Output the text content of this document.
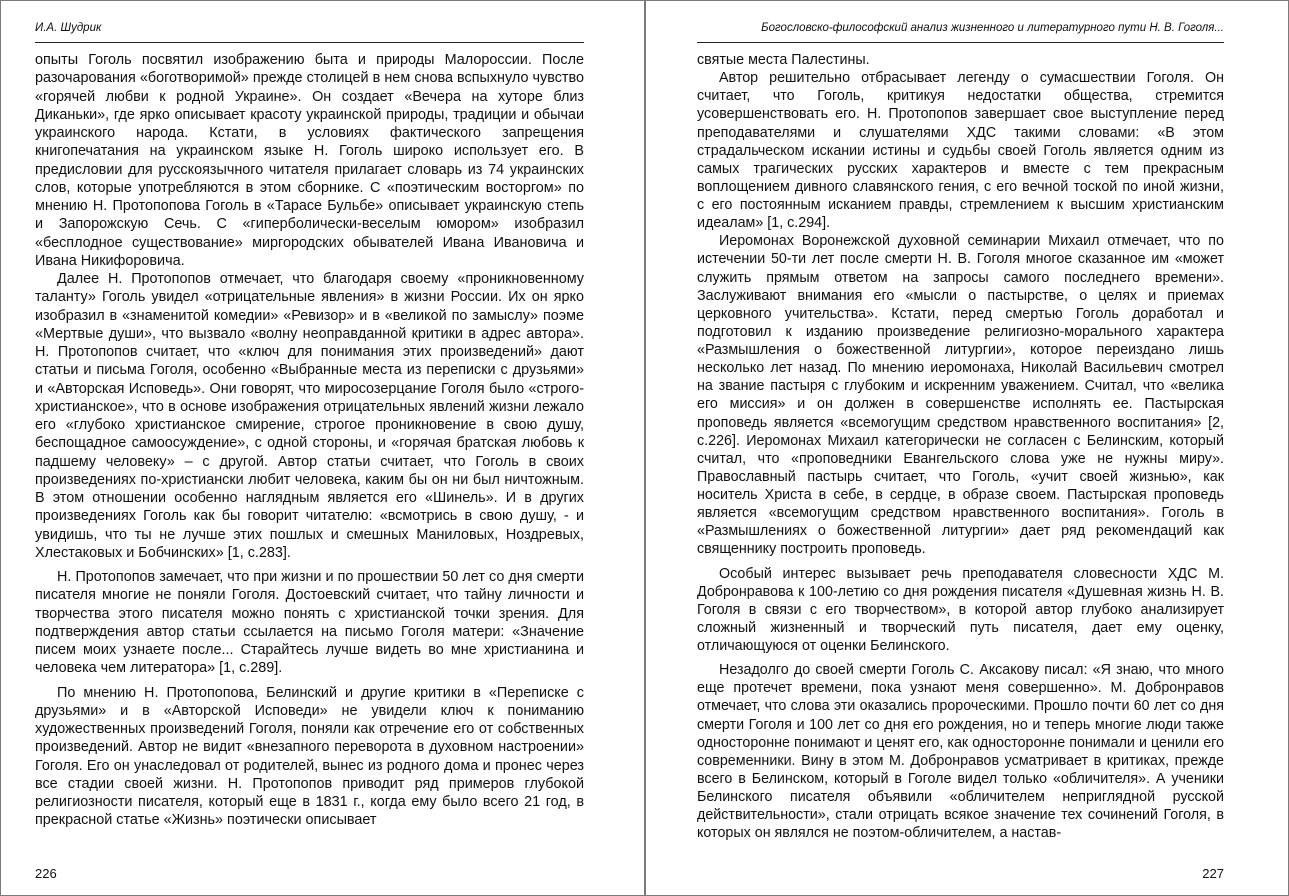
И.А. Шудрик

опыты Гоголь посвятил изображению быта и природы Малороссии. После разочарования «боготворимой» прежде столицей в нем снова вспыхнуло чувство «горячей любви к родной Украине». Он создает «Вечера на хуторе близ Диканьки», где ярко описывает красоту украинской природы, традиции и обычаи украинского народа. Кстати, в условиях фактического запрещения книгопечатания на украинском языке Н. Гоголь широко использует его. В предисловии для русскоязычного читателя прилагает словарь из 74 украинских слов, которые употребляются в этом сборнике. С «поэтическим восторгом» по мнению Н. Протопопова Гоголь в «Тарасе Бульбе» описывает украинскую степь и Запорожскую Сечь. С «гиперболически-веселым юмором» изобразил «бесплодное существование» миргородских обывателей Ивана Ивановича и Ивана Никифоровича.

Далее Н. Протопопов отмечает, что благодаря своему «проникновенному таланту» Гоголь увидел «отрицательные явления» в жизни России. Их он ярко изобразил в «знаменитой комедии» «Ревизор» и в «великой по замыслу» поэме «Мертвые души», что вызвало «волну неоправданной критики в адрес автора». Н. Протопопов считает, что «ключ для понимания этих произведений» дают статьи и письма Гоголя, особенно «Выбранные места из переписки с друзьями» и «Авторская Исповедь». Они говорят, что миросозерцание Гоголя было «строго-христианское», что в основе изображения отрицательных явлений жизни лежало его «глубоко христианское смирение, строгое проникновение в свою душу, беспощадное самоосуждение», с одной стороны, и «горячая братская любовь к падшему человеку» – с другой. Автор статьи считает, что Гоголь в своих произведениях по-христиански любит человека, каким бы он ни был ничтожным. В этом отношении особенно наглядным является его «Шинель». И в других произведениях Гоголь как бы говорит читателю: «всмотрись в свою душу, - и увидишь, что ты не лучше этих пошлых и смешных Маниловых, Ноздревых, Хлестаковых и Бобчинских» [1, с.283].

Н. Протопопов замечает, что при жизни и по прошествии 50 лет со дня смерти писателя многие не поняли Гоголя. Достоевский считает, что тайну личности и творчества этого писателя можно понять с христианской точки зрения. Для подтверждения автор статьи ссылается на письмо Гоголя матери: «Значение писем моих узнаете после... Старайтесь лучше видеть во мне христианина и человека чем литератора» [1, с.289].

По мнению Н. Протопопова, Белинский и другие критики в «Переписке с друзьями» и в «Авторской Исповеди» не увидели ключ к пониманию художественных произведений Гоголя, поняли как отречение его от собственных произведений. Автор не видит «внезапного переворота в духовном настроении» Гоголя. Его он унаследовал от родителей, вынес из родного дома и пронес через все стадии своей жизни. Н. Протопопов приводит ряд примеров глубокой религиозности писателя, который еще в 1831 г., когда ему было всего 21 год, в прекрасной статье «Жизнь» поэтически описывает

226
Богословско-философский анализ жизненного и литературного пути Н. В. Гоголя...

святые места Палестины.

Автор решительно отбрасывает легенду о сумасшествии Гоголя. Он считает, что Гоголь, критикуя недостатки общества, стремится усовершенствовать его. Н. Протопопов завершает свое выступление перед преподавателями и слушателями ХДС такими словами: «В этом страдальческом искании истины и судьбы своей Гоголь является одним из самых трагических русских характеров и вместе с тем прекрасным воплощением дивного славянского гения, с его вечной тоской по иной жизни, с его постоянным исканием правды, стремлением к высшим христианским идеалам» [1, с.294].

Иеромонах Воронежской духовной семинарии Михаил отмечает, что по истечении 50-ти лет после смерти Н. В. Гоголя многое сказанное им «может служить прямым ответом на запросы самого последнего времени». Заслуживают внимания его «мысли о пастырстве, о целях и приемах церковного учительства». Кстати, перед смертью Гоголь доработал и подготовил к изданию произведение религиозно-морального характера «Размышления о божественной литургии», которое переиздано лишь несколько лет назад. По мнению иеромонаха, Николай Васильевич смотрел на звание пастыря с глубоким и искренним уважением. Считал, что «велика его миссия» и он должен в совершенстве исполнять ее. Пастырская проповедь является «всемогущим средством нравственного воспитания» [2, с.226]. Иеромонах Михаил категорически не согласен с Белинским, который считал, что «проповедники Евангельского слова уже не нужны миру». Православный пастырь считает, что Гоголь, «учит своей жизнью», как носитель Христа в себе, в сердце, в образе своем. Пастырская проповедь является «всемогущим средством нравственного воспитания». Гоголь в «Размышлениях о божественной литургии» дает ряд рекомендаций как священнику построить проповедь.

Особый интерес вызывает речь преподавателя словесности ХДС М. Добронравова к 100-летию со дня рождения писателя «Душевная жизнь Н. В. Гоголя в связи с его творчеством», в которой автор глубоко анализирует сложный жизненный и творческий путь писателя, дает ему оценку, отличающуюся от оценки Белинского.

Незадолго до своей смерти Гоголь С. Аксакову писал: «Я знаю, что много еще протечет времени, пока узнают меня совершенно». М. Добронравов отмечает, что слова эти оказались пророческими. Прошло почти 60 лет со дня смерти Гоголя и 100 лет со дня его рождения, но и теперь многие люди также односторонне понимают и ценят его, как односторонне понимали и ценили его современники. Вину в этом М. Добронравов усматривает в критиках, прежде всего в Белинском, который в Гоголе видел только «обличителя». А ученики Белинского писателя объявили «обличителем неприглядной русской действительности», стали отрицать всякое значение тех сочинений Гоголя, в которых он являлся не поэтом-обличителем, а настав-

227
